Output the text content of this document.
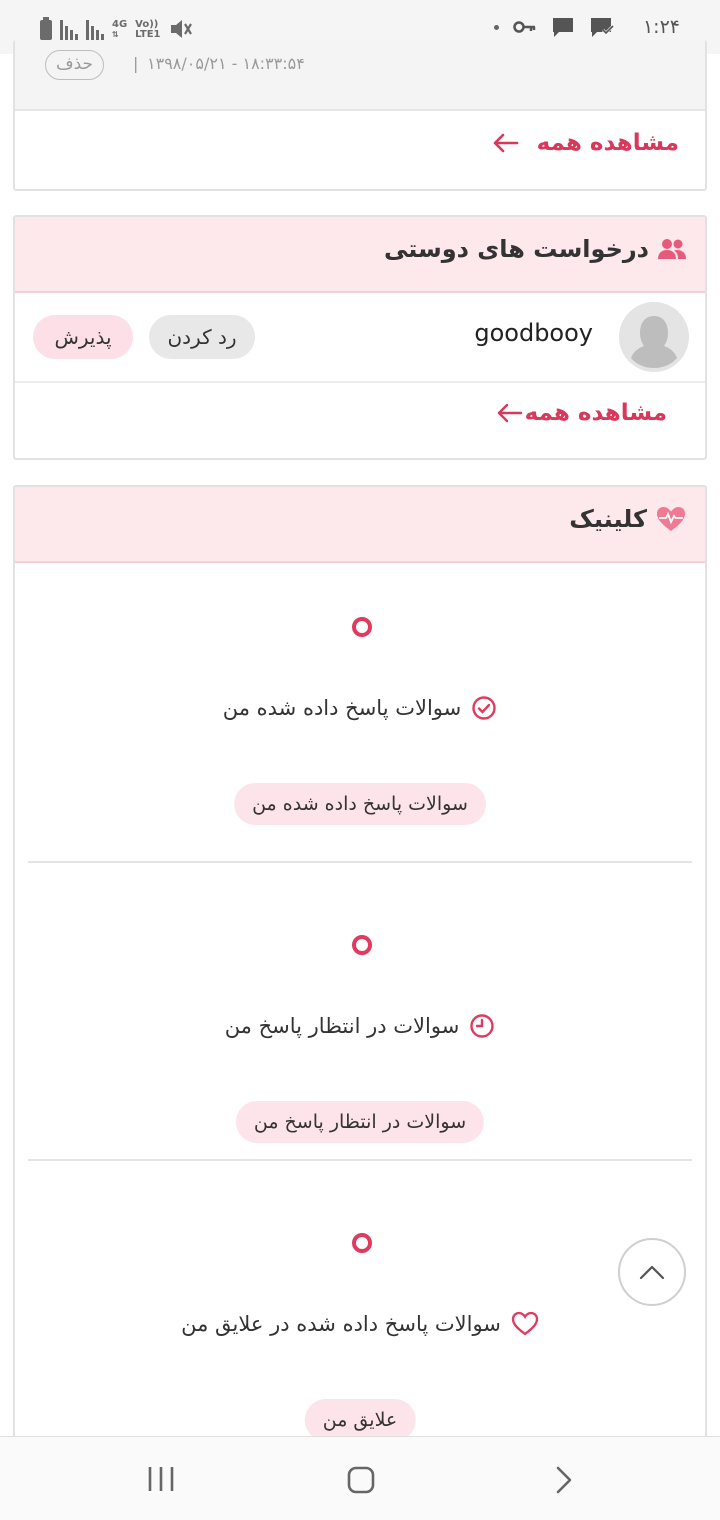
4G
⇅
Vo))
LTE1	۱:۲۴
حذف	| ۱۳۹۸/۰۵/۲۱ - ۱۸:۳۳:۵۴
مشاهده همه
درخواست های دوستی
goodbooy
رد کردن
پذیرش
مشاهده همه
کلینیک
سوالات پاسخ داده شده من
سوالات پاسخ داده شده من
سوالات در انتظار پاسخ من
سوالات در انتظار پاسخ من
سوالات پاسخ داده شده در علایق من
علایق من
